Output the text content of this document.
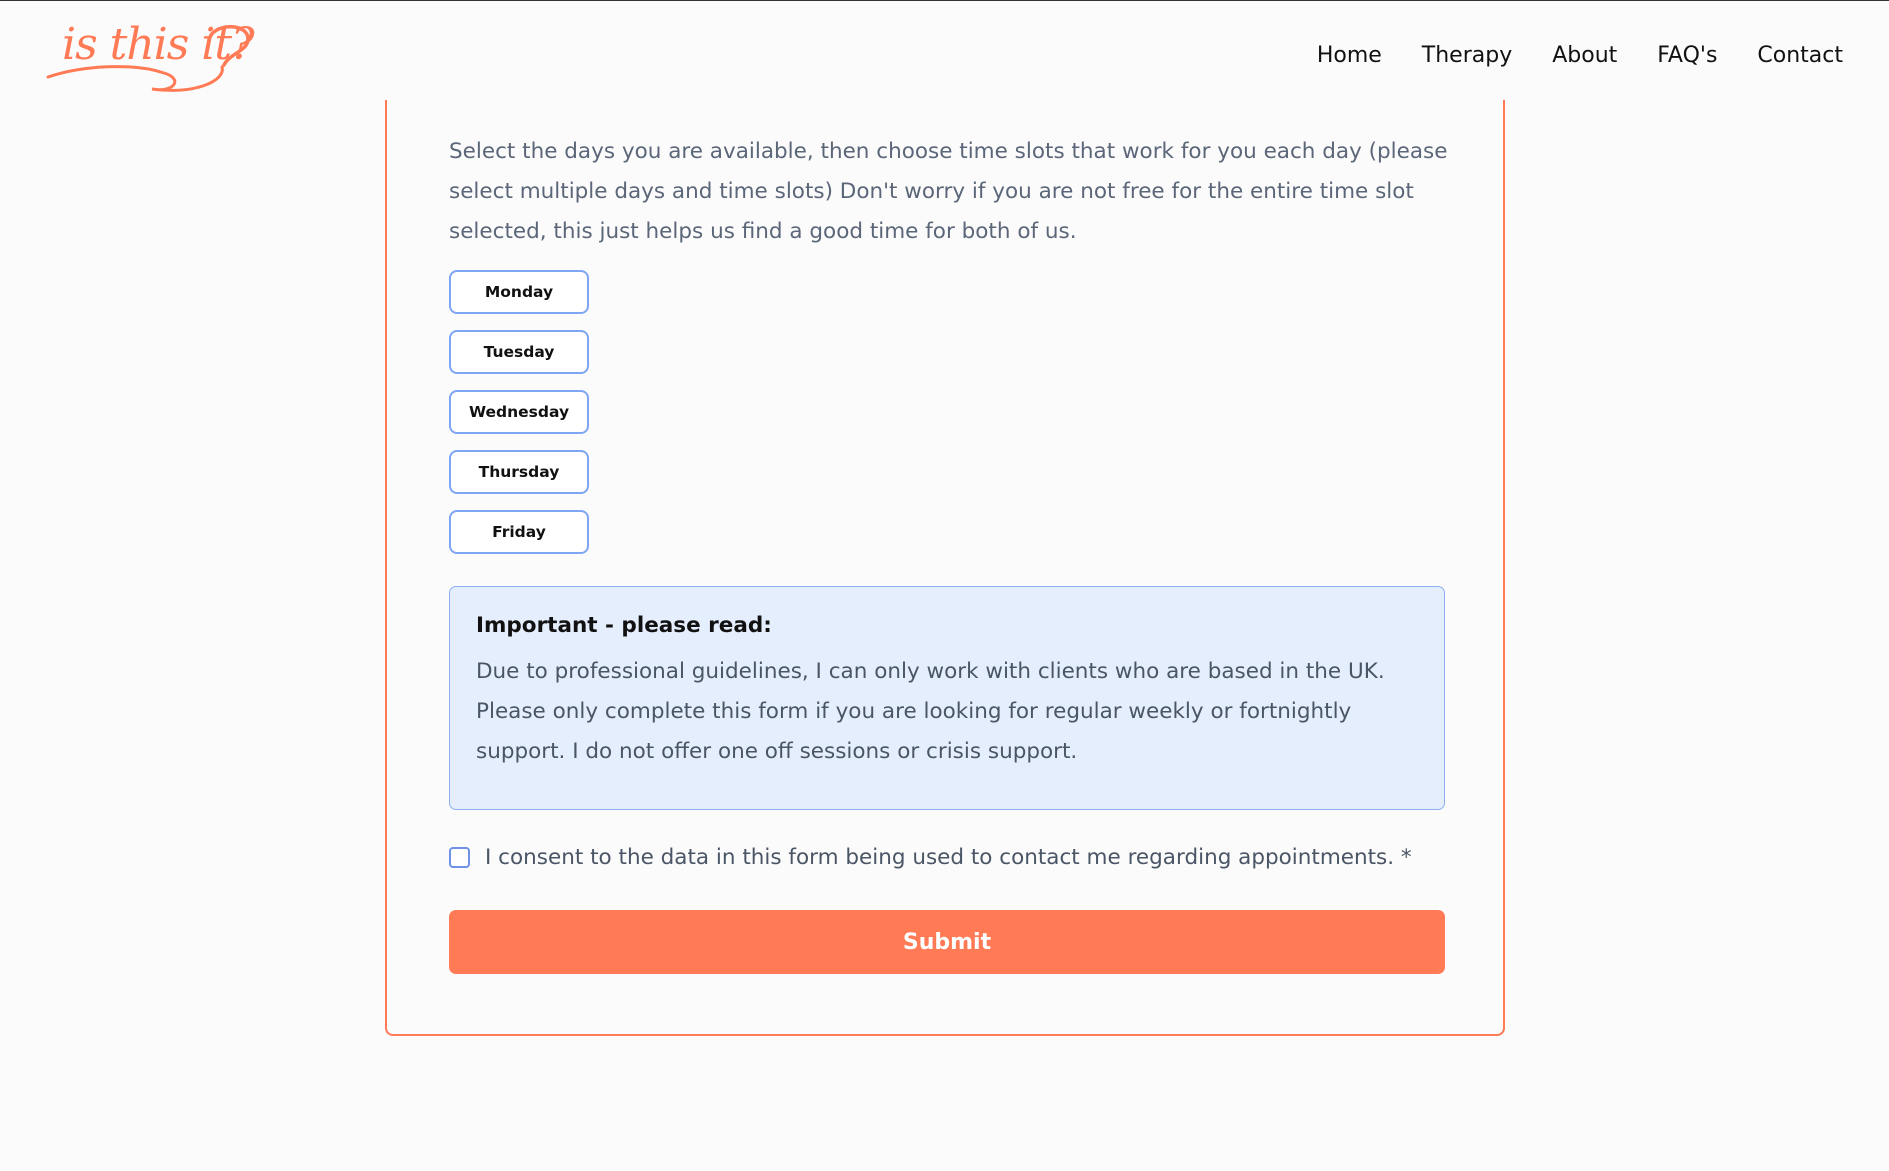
is this it?	Home Therapy About FAQ's Contact

Select the days you are available, then choose time slots that work for you each day (please select multiple days and time slots) Don't worry if you are not free for the entire time slot selected, this just helps us find a good time for both of us.

Monday
Tuesday
Wednesday
Thursday
Friday
Important - please read:

Due to professional guidelines, I can only work with clients who are based in the UK. Please only complete this form if you are looking for regular weekly or fortnightly support. I do not offer one off sessions or crisis support.

I consent to the data in this form being used to contact me regarding appointments. *
Submit
